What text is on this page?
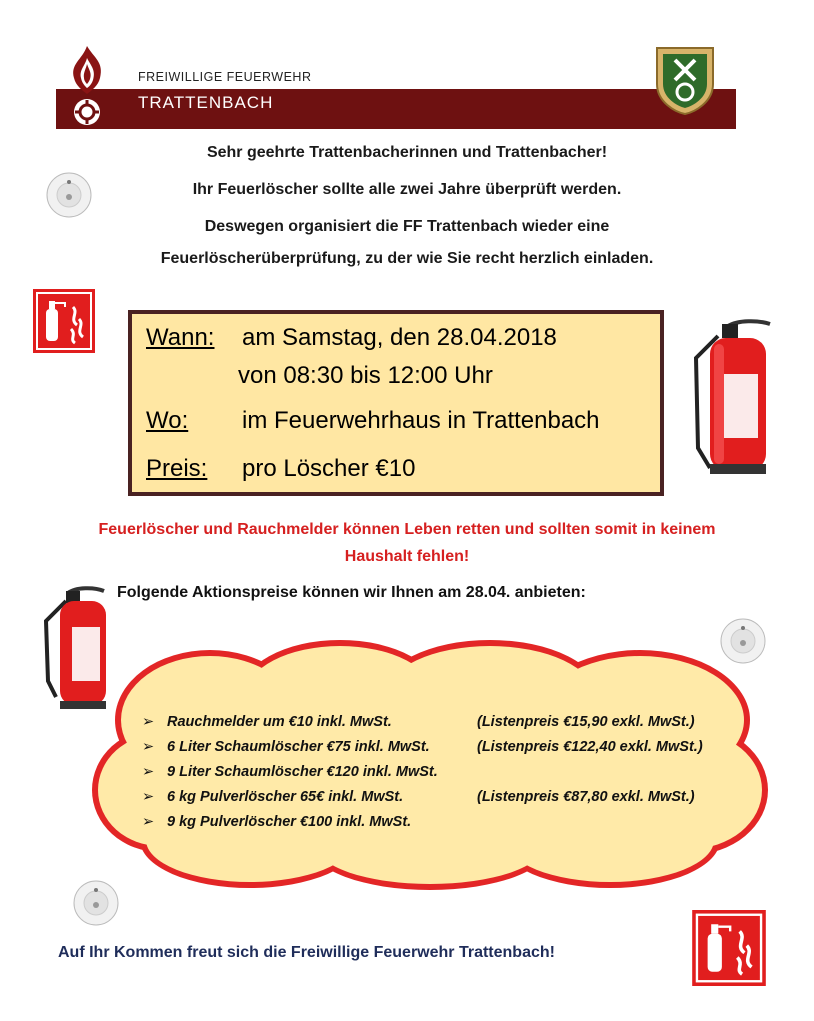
FREIWILLIGE FEUERWEHR
TRATTENBACH
Sehr geehrte Trattenbacherinnen und Trattenbacher!
Ihr Feuerlöscher sollte alle zwei Jahre überprüft werden.
Deswegen organisiert die FF Trattenbach wieder eine
Feuerlöscherüberprüfung, zu der wie Sie recht herzlich einladen.
Wann: am Samstag, den 28.04.2018
von 08:30 bis 12:00 Uhr
Wo: im Feuerwehrhaus in Trattenbach
Preis: pro Löscher €10
Feuerlöscher und Rauchmelder können Leben retten und sollten somit in keinem
Haushalt fehlen!
Folgende Aktionspreise können wir Ihnen am 28.04. anbieten:
➢ Rauchmelder um €10 inkl. MwSt.	(Listenpreis €15,90 exkl. MwSt.)
➢ 6 Liter Schaumlöscher €75 inkl. MwSt.	(Listenpreis €122,40 exkl. MwSt.)
➢ 9 Liter Schaumlöscher €120 inkl. MwSt.
➢ 6 kg Pulverlöscher 65€ inkl. MwSt.	(Listenpreis €87,80 exkl. MwSt.)
➢ 9 kg Pulverlöscher €100 inkl. MwSt.
Auf Ihr Kommen freut sich die Freiwillige Feuerwehr Trattenbach!
